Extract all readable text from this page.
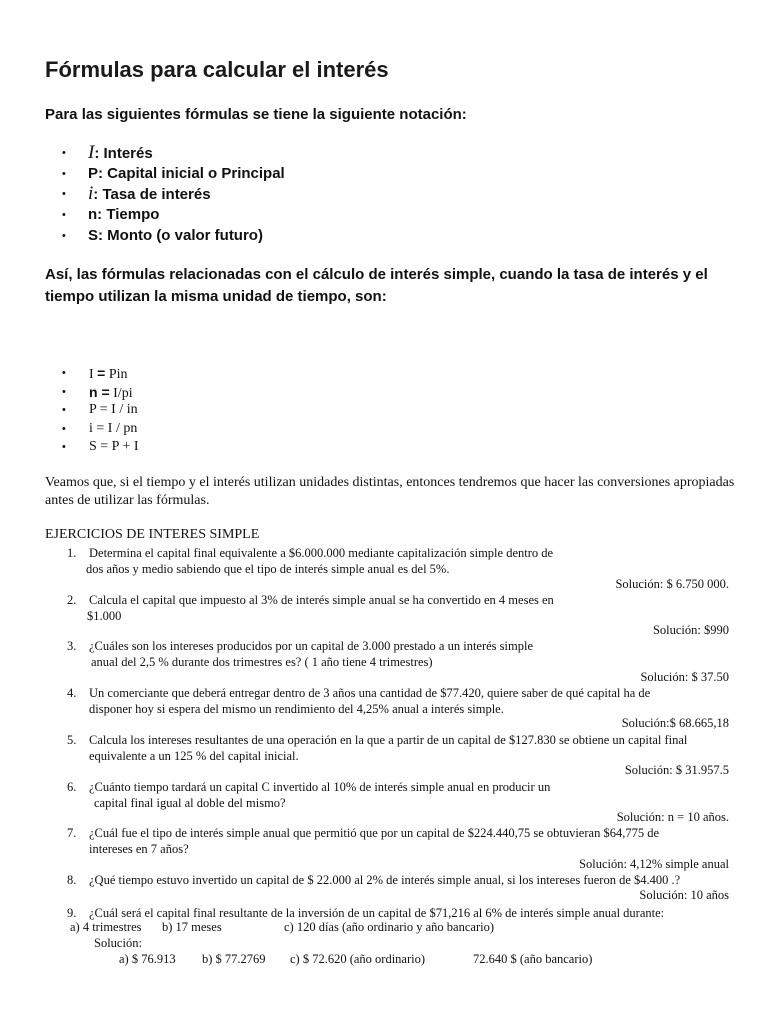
Fórmulas para calcular el interés
Para las siguientes fórmulas se tiene la siguiente notación:
• I: Interés
• P: Capital inicial o Principal
• i: Tasa de interés
• n: Tiempo
• S: Monto (o valor futuro)
Así, las fórmulas relacionadas con el cálculo de interés simple, cuando la tasa de interés y el tiempo utilizan la misma unidad de tiempo, son:
• I = Pin
• n = I/pi
• P = I / in
• i = I / pn
• S = P + I
Veamos que, si el tiempo y el interés utilizan unidades distintas, entonces tendremos que hacer las conversiones apropiadas antes de utilizar las fórmulas.
EJERCICIOS DE INTERES SIMPLE
1. Determina el capital final equivalente a $6.000.000 mediante capitalización simple dentro de
dos años y medio sabiendo que el tipo de interés simple anual es del 5%.
Solución: $ 6.750 000.
2. Calcula el capital que impuesto al 3% de interés simple anual se ha convertido en 4 meses en
$1.000
Solución: $990
3. ¿Cuáles son los intereses producidos por un capital de 3.000 prestado a un interés simple
anual del 2,5 % durante dos trimestres es? ( 1 año tiene 4 trimestres)
Solución: $ 37.50
4. Un comerciante que deberá entregar dentro de 3 años una cantidad de $77.420, quiere saber de qué capital ha de
disponer hoy si espera del mismo un rendimiento del 4,25% anual a interés simple.
Solución:$ 68.665,18
5. Calcula los intereses resultantes de una operación en la que a partir de un capital de $127.830 se obtiene un capital final
equivalente a un 125 % del capital inicial.
Solución: $ 31.957.5
6. ¿Cuánto tiempo tardará un capital C invertido al 10% de interés simple anual en producir un
capital final igual al doble del mismo?
Solución: n = 10 años.
7. ¿Cuál fue el tipo de interés simple anual que permitió que por un capital de $224.440,75 se obtuvieran $64,775 de
intereses en 7 años?
Solución: 4,12% simple anual
8. ¿Qué tiempo estuvo invertido un capital de $ 22.000 al 2% de interés simple anual, si los intereses fueron de $4.400 .?
Solución: 10 años
9. ¿Cuál será el capital final resultante de la inversión de un capital de $71,216 al 6% de interés simple anual durante:
a) 4 trimestres b) 17 meses	c) 120 días (año ordinario y año bancario)
Solución:
a) $ 76.913 b) $ 77.2769 c) $ 72.620 (año ordinario)	72.640 $ (año bancario)
